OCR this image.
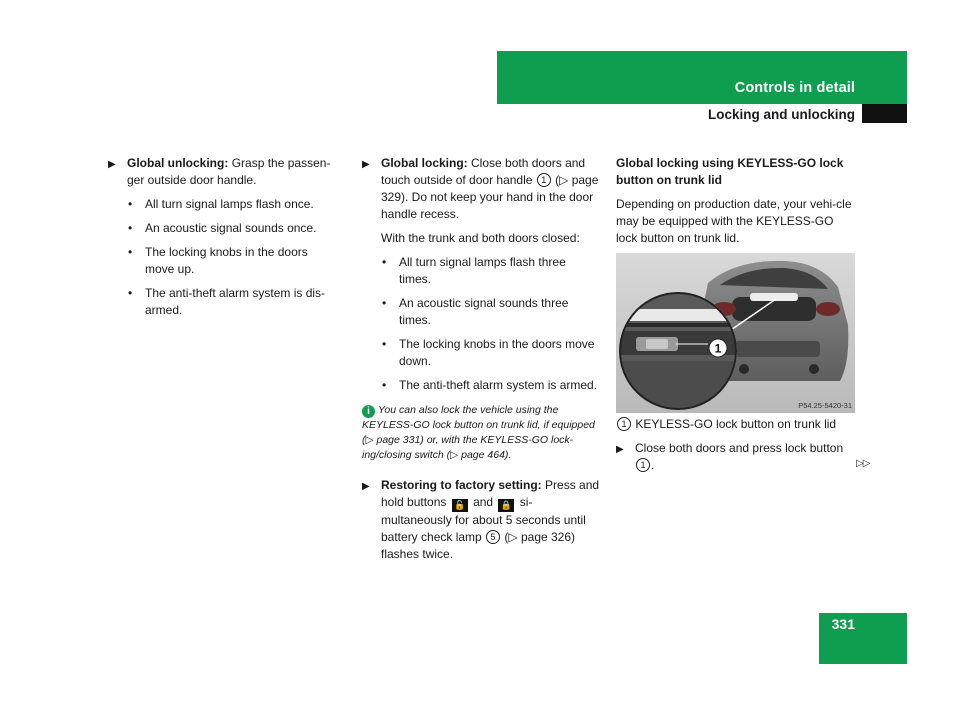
Controls in detail
Locking and unlocking
▶ Global unlocking: Grasp the passen-ger outside door handle.
• All turn signal lamps flash once.
• An acoustic signal sounds once.
• The locking knobs in the doors move up.
• The anti-theft alarm system is dis-armed.
▶ Global locking: Close both doors and touch outside of door handle 1 (▷ page 329). Do not keep your hand in the door handle recess.

With the trunk and both doors closed:

• All turn signal lamps flash three times.
• An acoustic signal sounds three times.
• The locking knobs in the doors move down.
• The anti-theft alarm system is armed.
i You can also lock the vehicle using the KEYLESS-GO lock button on trunk lid, if equipped (▷ page 331) or, with the KEYLESS-GO lock-ing/closing switch (▷ page 464).
▶ Restoring to factory setting: Press and hold buttons 🔓 and 🔒 si-multaneously for about 5 seconds until battery check lamp 5 (▷ page 326) flashes twice.

Global locking using KEYLESS-GO lock button on trunk lid

Depending on production date, your vehi-cle may be equipped with the KEYLESS-GO lock button on trunk lid.

1
P54.25-5420-31

1 KEYLESS-GO lock button on trunk lid

▶ Close both doors and press lock button 1 .	▷▷
331
